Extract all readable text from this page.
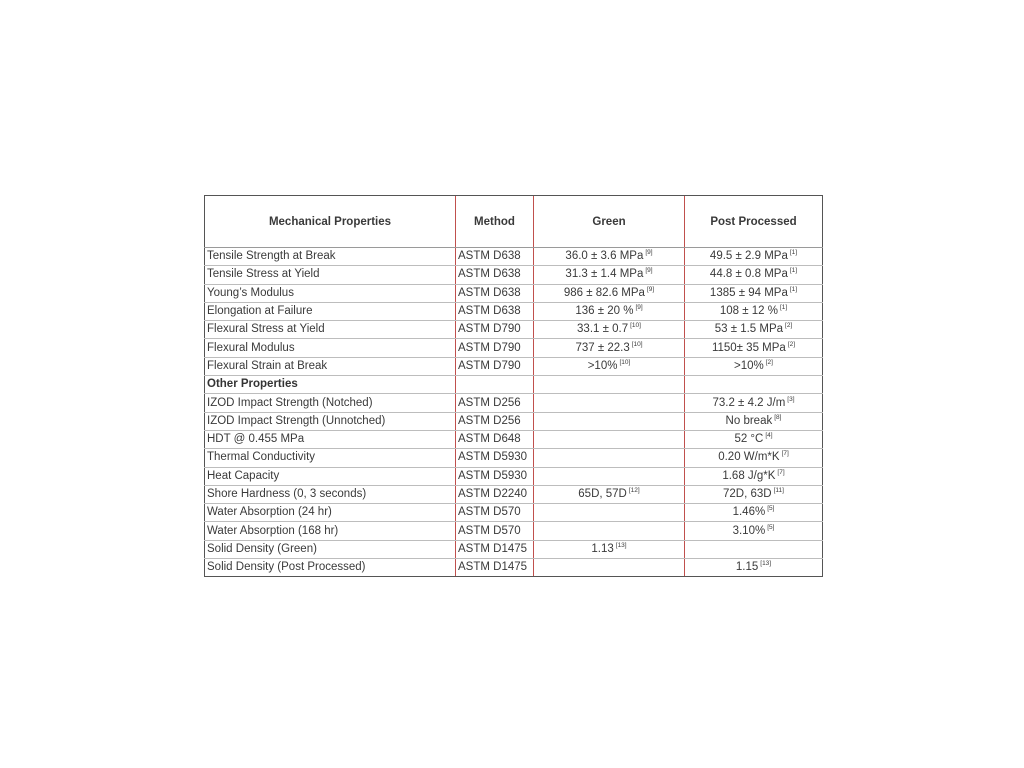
Mechanical Properties	Method	Green	Post Processed
Tensile Strength at Break	ASTM D638	36.0 ± 3.6 MPa [9]	49.5 ± 2.9 MPa [1]
Tensile Stress at Yield	ASTM D638	31.3 ± 1.4 MPa [9]	44.8 ± 0.8 MPa [1]
Young’s Modulus	ASTM D638	986 ± 82.6 MPa [9]	1385 ± 94 MPa [1]
Elongation at Failure	ASTM D638	136 ± 20 % [9]	108 ± 12 % [1]
Flexural Stress at Yield	ASTM D790	33.1 ± 0.7 [10]	53 ± 1.5 MPa [2]
Flexural Modulus	ASTM D790	737 ± 22.3 [10]	1150± 35 MPa [2]
Flexural Strain at Break	ASTM D790	>10% [10]	>10% [2]
Other Properties			
IZOD Impact Strength (Notched)	ASTM D256		73.2 ± 4.2 J/m [3]
IZOD Impact Strength (Unnotched)	ASTM D256		No break [8]
HDT @ 0.455 MPa	ASTM D648		52 °C [4]
Thermal Conductivity	ASTM D5930		0.20 W/m*K [7]
Heat Capacity	ASTM D5930		1.68 J/g*K [7]
Shore Hardness (0, 3 seconds)	ASTM D2240	65D, 57D [12]	72D, 63D [11]
Water Absorption (24 hr)	ASTM D570		1.46% [5]
Water Absorption (168 hr)	ASTM D570		3.10% [5]
Solid Density (Green)	ASTM D1475	1.13 [13]	
Solid Density (Post Processed)	ASTM D1475		1.15 [13]
